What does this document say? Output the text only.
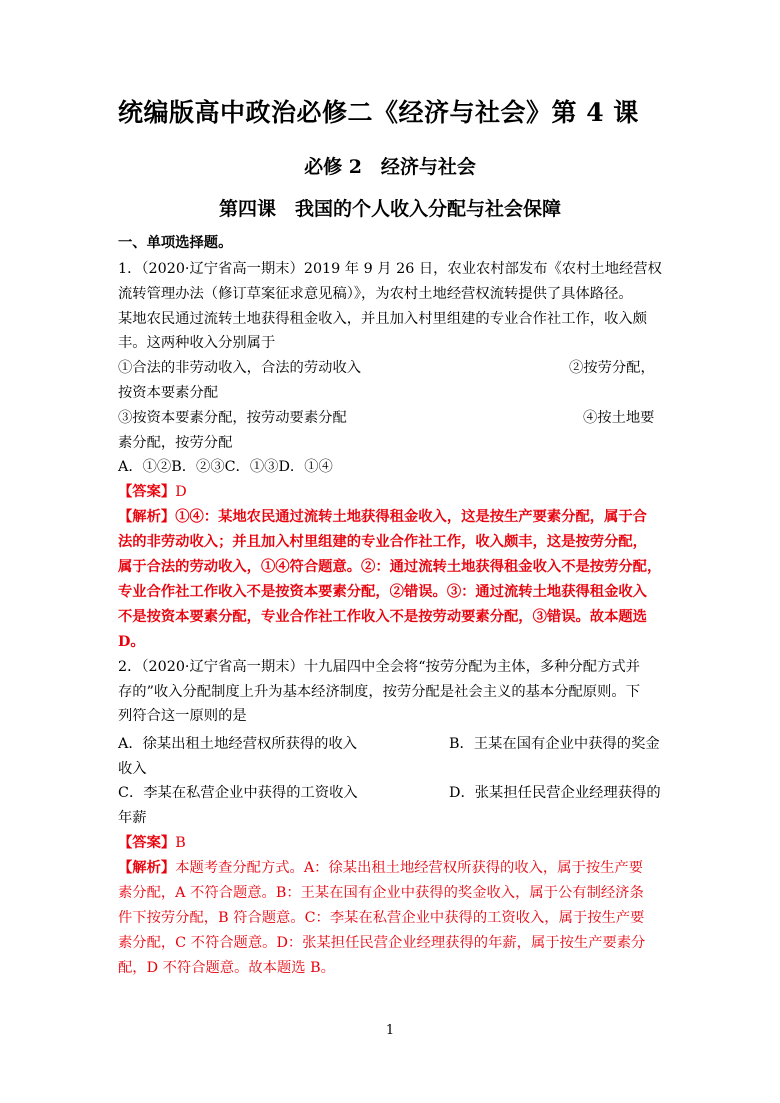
统编版高中政治必修二《经济与社会》第 4 课
必修 2　经济与社会
第四课　我国的个人收入分配与社会保障
一、单项选择题。
1．（2020·辽宁省高一期末）2019 年 9 月 26 日，农业农村部发布《农村土地经营权
流转管理办法（修订草案征求意见稿）》，为农村土地经营权流转提供了具体路径。
某地农民通过流转土地获得租金收入，并且加入村里组建的专业合作社工作，收入颇
丰。这两种收入分别属于
①合法的非劳动收入，合法的劳动收入	②按劳分配，
按资本要素分配
③按资本要素分配，按劳动要素分配	④按土地要
素分配，按劳分配
A．①②B．②③C．①③D．①④
【答案】D
【解析】①④：某地农民通过流转土地获得租金收入，这是按生产要素分配，属于合
法的非劳动收入；并且加入村里组建的专业合作社工作，收入颇丰，这是按劳分配，
属于合法的劳动收入，①④符合题意。②：通过流转土地获得租金收入不是按劳分配，
专业合作社工作收入不是按资本要素分配，②错误。③：通过流转土地获得租金收入
不是按资本要素分配，专业合作社工作收入不是按劳动要素分配，③错误。故本题选
D。
2．（2020·辽宁省高一期末）十九届四中全会将“按劳分配为主体，多种分配方式并
存的”收入分配制度上升为基本经济制度，按劳分配是社会主义的基本分配原则。下
列符合这一原则的是
A．徐某出租土地经营权所获得的收入	B．王某在国有企业中获得的奖金
收入
C．李某在私营企业中获得的工资收入	D．张某担任民营企业经理获得的
年薪
【答案】B
【解析】本题考查分配方式。A：徐某出租土地经营权所获得的收入，属于按生产要
素分配，A 不符合题意。B：王某在国有企业中获得的奖金收入，属于公有制经济条
件下按劳分配，B 符合题意。C：李某在私营企业中获得的工资收入，属于按生产要
素分配，C 不符合题意。D：张某担任民营企业经理获得的年薪，属于按生产要素分
配，D 不符合题意。故本题选 B。
1
